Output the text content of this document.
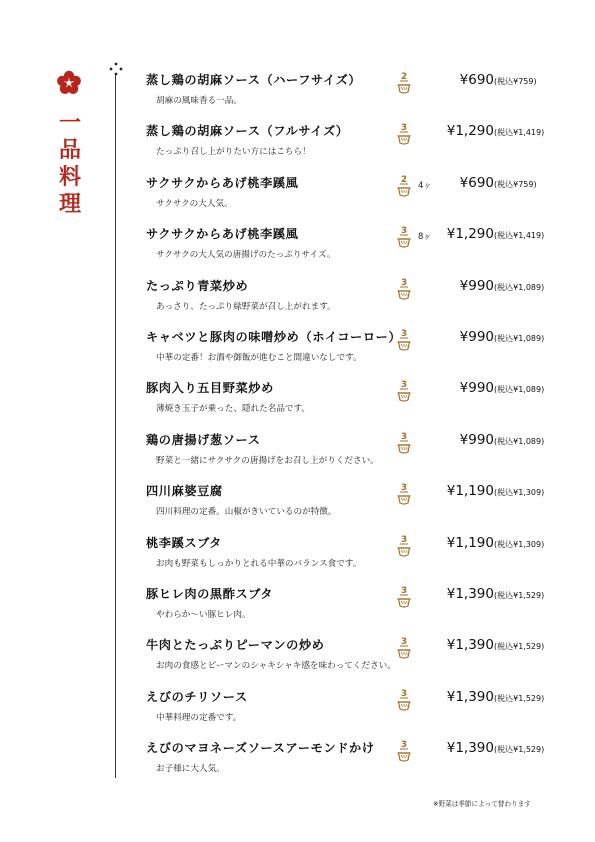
一
品
料
理
蒸し鶏の胡麻ソース（ハーフサイズ）
胡麻の風味香る一品。
2	¥690 (税込¥759)
蒸し鶏の胡麻ソース（フルサイズ）
たっぷり召し上がりたい方にはこちら！
3	¥1,290 (税込¥1,419)
サクサクからあげ桃李蹊風
サクサクの大人気。
2
4ヶ ¥690 (税込¥759)
サクサクからあげ桃李蹊風
サクサクの大人気の唐揚げのたっぷりサイズ。
3
8ヶ ¥1,290 (税込¥1,419)
たっぷり青菜炒め
あっさり、たっぷり緑野菜が召し上がれます。
3	¥990 (税込¥1,089)
キャベツと豚肉の味噌炒め（ホイコーロー）
中華の定番！お酒や御飯が進むこと間違いなしです。
3	¥990 (税込¥1,089)
豚肉入り五目野菜炒め
薄焼き玉子が乗った、隠れた名品です。
3	¥990 (税込¥1,089)
鶏の唐揚げ葱ソース
野菜と一緒にサクサクの唐揚げをお召し上がりください。
3	¥990 (税込¥1,089)
四川麻婆豆腐
四川料理の定番。山椒がきいているのが特徴。
3	¥1,190 (税込¥1,309)
桃李蹊スブタ
お肉も野菜もしっかりとれる中華のバランス食です。
3	¥1,190 (税込¥1,309)
豚ヒレ肉の黒酢スブタ
やわらか〜い豚ヒレ肉。
3	¥1,390 (税込¥1,529)
牛肉とたっぷりピーマンの炒め
お肉の食感とピーマンのシャキシャキ感を味わってください。
3	¥1,390 (税込¥1,529)
えびのチリソース
中華料理の定番です。
3	¥1,390 (税込¥1,529)
えびのマヨネーズソースアーモンドかけ
お子様に大人気。
3	¥1,390 (税込¥1,529)
※野菜は季節によって替わります
